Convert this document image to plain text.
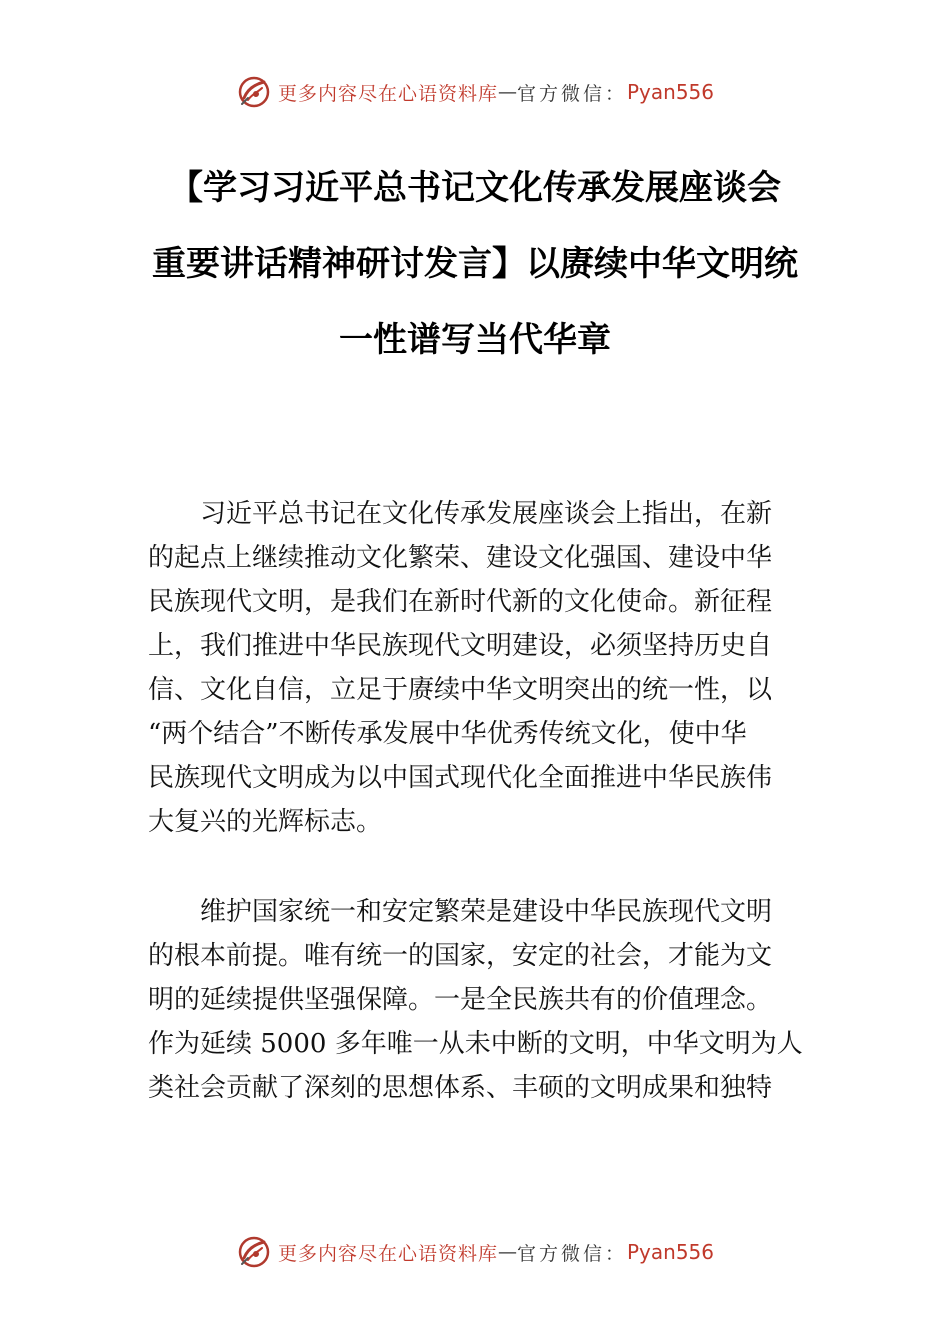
更多内容尽在心语资料库 — 官方微信： Pyan556
【学习习近平总书记文化传承发展座谈会
重要讲话精神研讨发言】以赓续中华文明统
一性谱写当代华章
习近平总书记在文化传承发展座谈会上指出，在新
的起点上继续推动文化繁荣、建设文化强国、建设中华
民族现代文明，是我们在新时代新的文化使命。新征程
上，我们推进中华民族现代文明建设，必须坚持历史自
信、文化自信，立足于赓续中华文明突出的统一性，以
“两个结合”不断传承发展中华优秀传统文化，使中华
民族现代文明成为以中国式现代化全面推进中华民族伟
大复兴的光辉标志。
维护国家统一和安定繁荣是建设中华民族现代文明
的根本前提。唯有统一的国家，安定的社会，才能为文
明的延续提供坚强保障。一是全民族共有的价值理念。
作为延续 5000 多年唯一从未中断的文明，中华文明为人
类社会贡献了深刻的思想体系、丰硕的文明成果和独特
更多内容尽在心语资料库 — 官方微信： Pyan556
